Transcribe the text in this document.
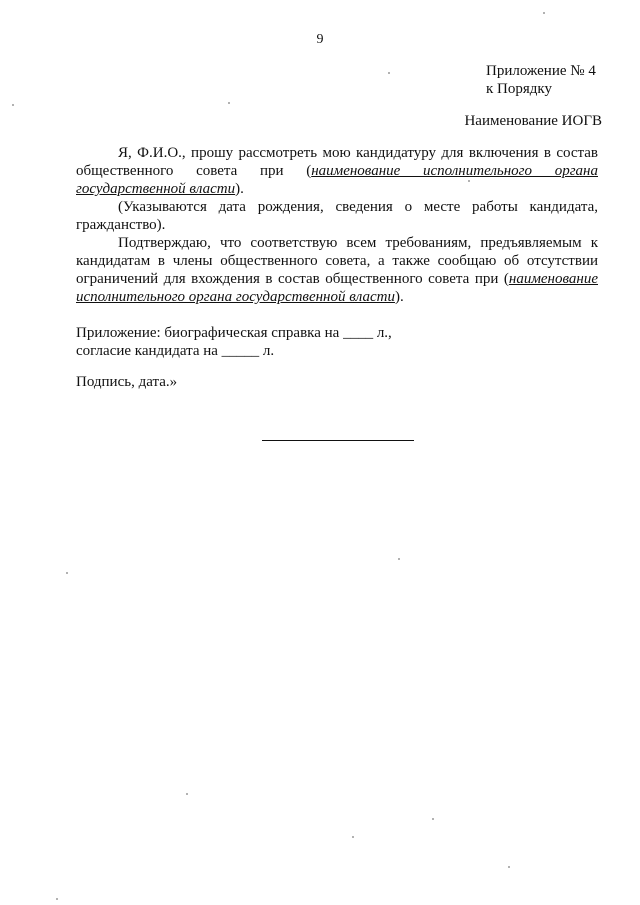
9
Приложение № 4
к Порядку
Наименование ИОГВ

Я, Ф.И.О., прошу рассмотреть мою кандидатуру для включения в состав общественного совета при (наименование исполнительного органа государственной власти).

(Указываются дата рождения, сведения о месте работы кандидата, гражданство).

Подтверждаю, что соответствую всем требованиям, предъявляемым к кандидатам в члены общественного совета, а также сообщаю об отсутствии ограничений для вхождения в состав общественного совета при (наименование исполнительного органа государственной власти).

Приложение: биографическая справка на ____ л.,
согласие кандидата на _____ л.
Подпись, дата.»
